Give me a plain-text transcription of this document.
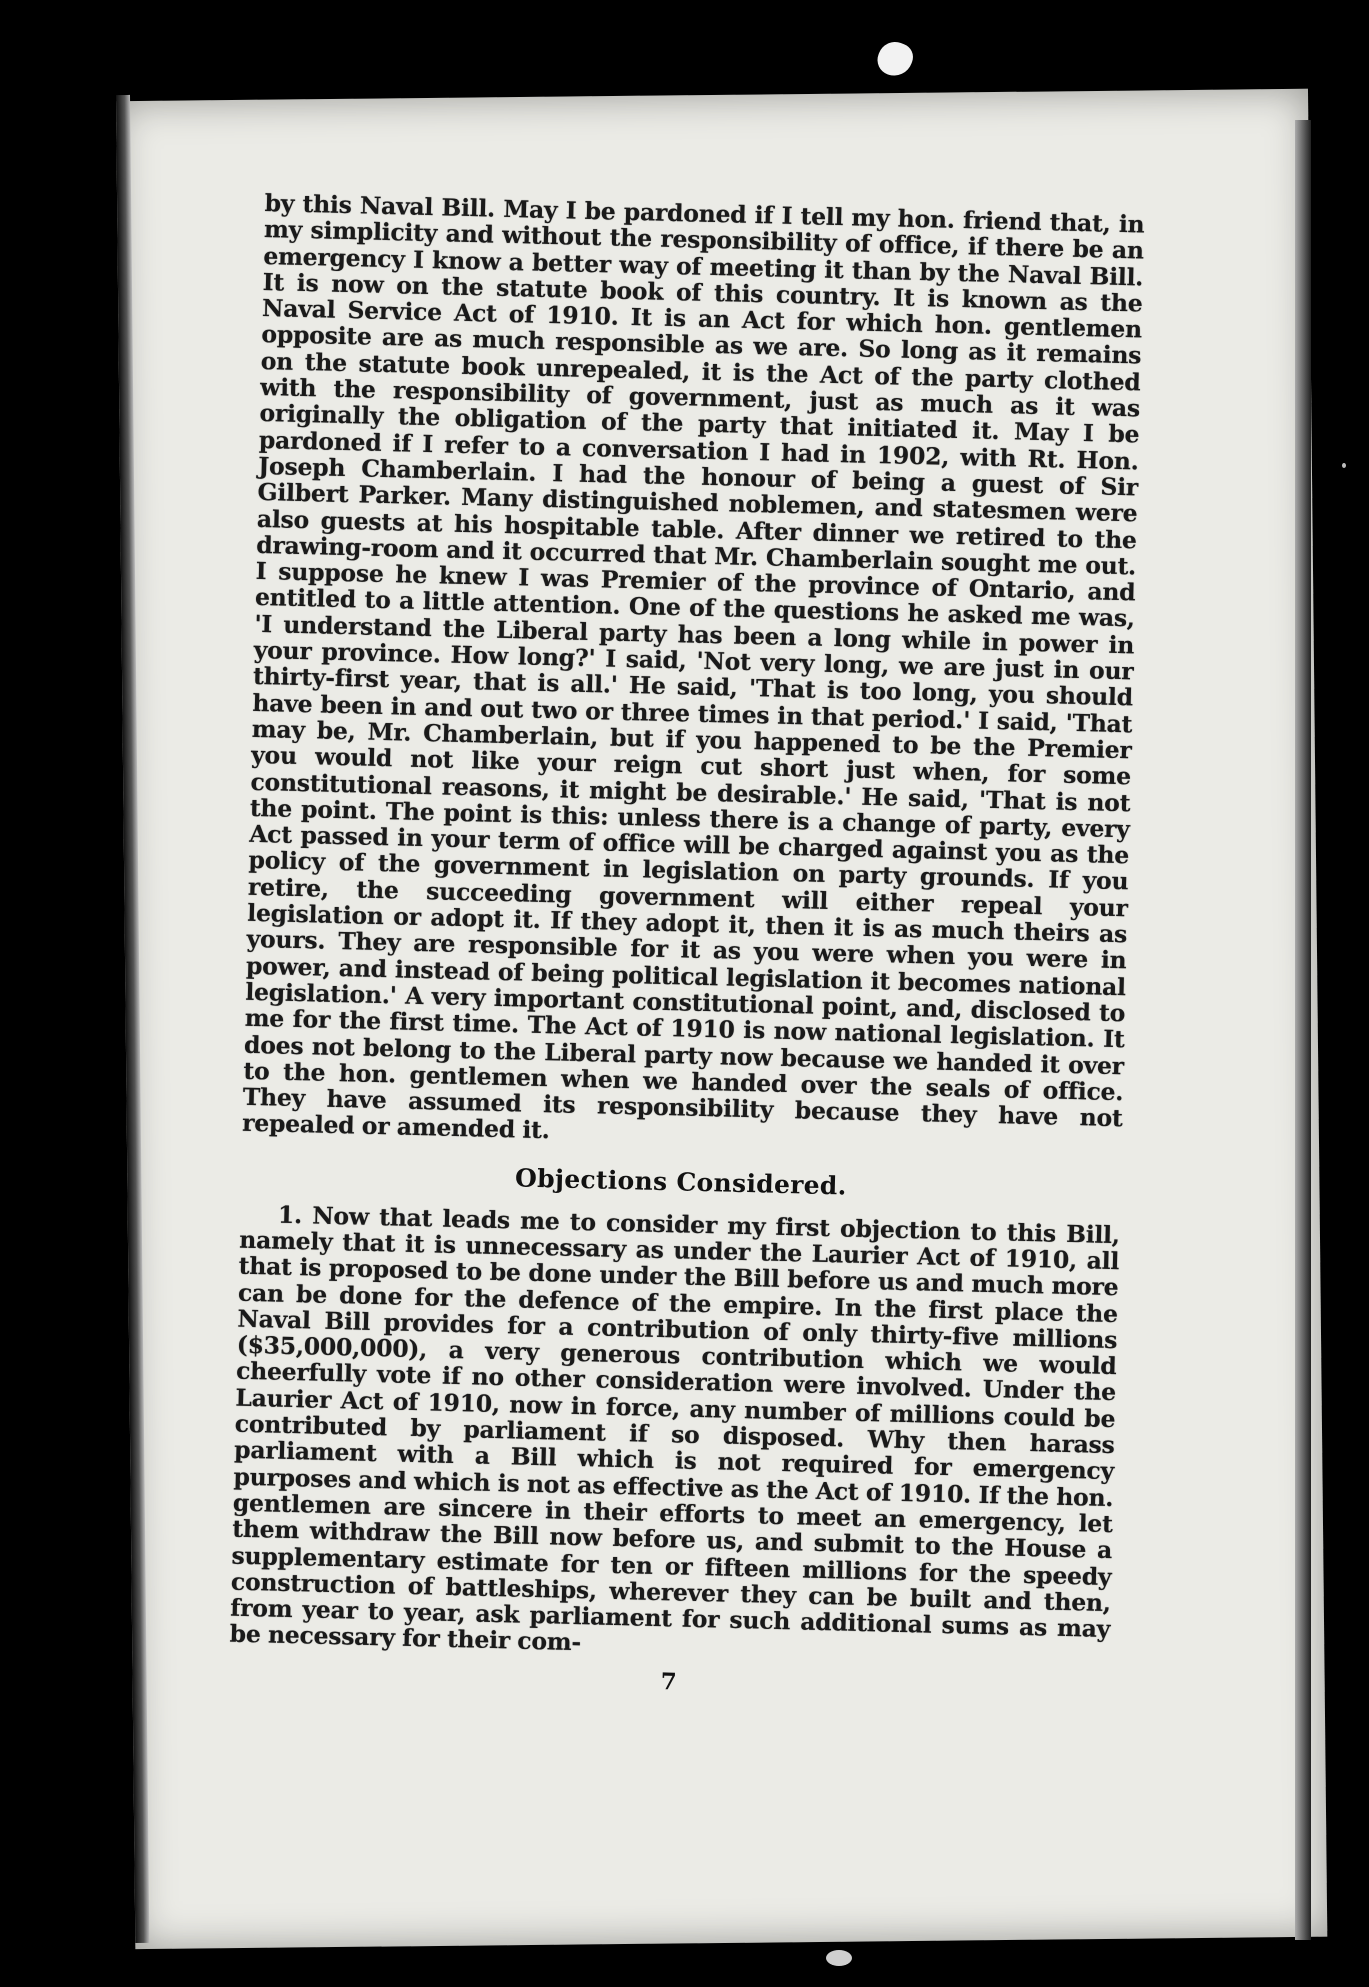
by this Naval Bill. May I be pardoned if I tell my hon. friend that, in my simplicity and without the responsibility of office, if there be an emergency I know a better way of meeting it than by the Naval Bill. It is now on the statute book of this country. It is known as the Naval Service Act of 1910. It is an Act for which hon. gentlemen opposite are as much responsible as we are. So long as it remains on the statute book unrepealed, it is the Act of the party clothed with the responsibility of government, just as much as it was originally the obligation of the party that initiated it. May I be pardoned if I refer to a conversation I had in 1902, with Rt. Hon. Joseph Chamberlain. I had the honour of being a guest of Sir Gilbert Parker. Many distinguished noblemen, and statesmen were also guests at his hospitable table. After dinner we retired to the drawing-room and it occurred that Mr. Chamberlain sought me out. I suppose he knew I was Premier of the province of Ontario, and entitled to a little attention. One of the questions he asked me was, 'I understand the Liberal party has been a long while in power in your province. How long?' I said, 'Not very long, we are just in our thirty-first year, that is all.' He said, 'That is too long, you should have been in and out two or three times in that period.' I said, 'That may be, Mr. Chamberlain, but if you happened to be the Premier you would not like your reign cut short just when, for some constitutional reasons, it might be desirable.' He said, 'That is not the point. The point is this: unless there is a change of party, every Act passed in your term of office will be charged against you as the policy of the government in legislation on party grounds. If you retire, the succeeding government will either repeal your legislation or adopt it. If they adopt it, then it is as much theirs as yours. They are responsible for it as you were when you were in power, and instead of being political legislation it becomes national legislation.' A very important constitutional point, and, disclosed to me for the first time. The Act of 1910 is now national legislation. It does not belong to the Liberal party now because we handed it over to the hon. gentlemen when we handed over the seals of office. They have assumed its responsibility because they have not repealed or amended it.

Objections Considered.

1. Now that leads me to consider my first objection to this Bill, namely that it is unnecessary as under the Laurier Act of 1910, all that is proposed to be done under the Bill before us and much more can be done for the defence of the empire. In the first place the Naval Bill provides for a contribution of only thirty-five millions ($35,000,000), a very generous contribution which we would cheerfully vote if no other consideration were involved. Under the Laurier Act of 1910, now in force, any number of millions could be contributed by parliament if so disposed. Why then harass parliament with a Bill which is not required for emergency purposes and which is not as effective as the Act of 1910. If the hon. gentlemen are sincere in their efforts to meet an emergency, let them withdraw the Bill now before us, and submit to the House a supplementary estimate for ten or fifteen millions for the speedy construction of battleships, wherever they can be built and then, from year to year, ask parliament for such additional sums as may be necessary for their com-

7
